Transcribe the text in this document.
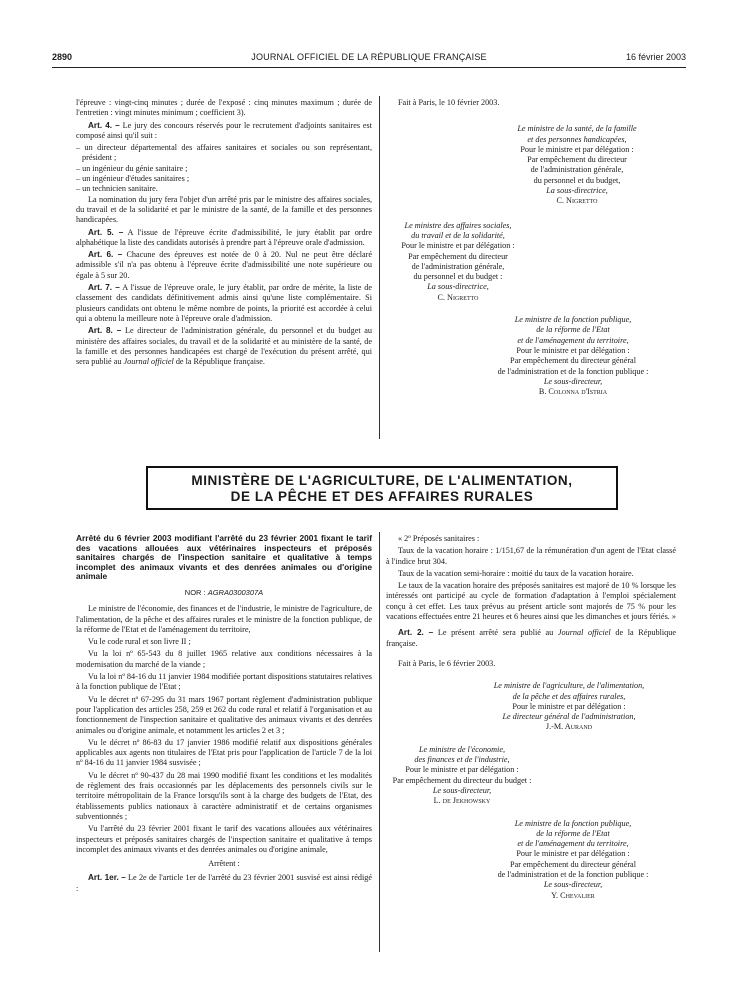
2890	JOURNAL OFFICIEL DE LA RÉPUBLIQUE FRANÇAISE	16 février 2003

l'épreuve : vingt-cinq minutes ; durée de l'exposé : cinq minutes maximum ; durée de l'entretien : vingt minutes minimum ; coefficient 3).

Art. 4. – Le jury des concours réservés pour le recrutement d'adjoints sanitaires est composé ainsi qu'il suit :

– un directeur départemental des affaires sanitaires et sociales ou son représentant, président ;

– un ingénieur du génie sanitaire ;

– un ingénieur d'études sanitaires ;

– un technicien sanitaire.

La nomination du jury fera l'objet d'un arrêté pris par le ministre des affaires sociales, du travail et de la solidarité et par le ministre de la santé, de la famille et des personnes handicapées.

Art. 5. – A l'issue de l'épreuve écrite d'admissibilité, le jury établit par ordre alphabétique la liste des candidats autorisés à prendre part à l'épreuve orale d'admission.

Art. 6. – Chacune des épreuves est notée de 0 à 20. Nul ne peut être déclaré admissible s'il n'a pas obtenu à l'épreuve écrite d'admissibilité une note supérieure ou égale à 5 sur 20.

Art. 7. – A l'issue de l'épreuve orale, le jury établit, par ordre de mérite, la liste de classement des candidats définitivement admis ainsi qu'une liste complémentaire. Si plusieurs candidats ont obtenu le même nombre de points, la priorité est accordée à celui qui a obtenu la meilleure note à l'épreuve orale d'admission.

Art. 8. – Le directeur de l'administration générale, du personnel et du budget au ministère des affaires sociales, du travail et de la solidarité et au ministère de la santé, de la famille et des personnes handicapées est chargé de l'exécution du présent arrêté, qui sera publié au Journal officiel de la République française.

Fait à Paris, le 10 février 2003.

Le ministre de la santé, de la famille

et des personnes handicapées,

Pour le ministre et par délégation :

Par empêchement du directeur

de l'administration générale,

du personnel et du budget,

La sous-directrice,

C. Nigretto

Le ministre des affaires sociales,

du travail et de la solidarité,

Pour le ministre et par délégation :

Par empêchement du directeur

de l'administration générale,

du personnel et du budget :

La sous-directrice,

C. Nigretto

Le ministre de la fonction publique,

de la réforme de l'Etat

et de l'aménagement du territoire,

Pour le ministre et par délégation :

Par empêchement du directeur général

de l'administration et de la fonction publique :

Le sous-directeur,

B. Colonna d'Istria

MINISTÈRE DE L'AGRICULTURE, DE L'ALIMENTATION,
DE LA PÊCHE ET DES AFFAIRES RURALES

Arrêté du 6 février 2003 modifiant l'arrêté du 23 février 2001 fixant le tarif des vacations allouées aux vétérinaires inspecteurs et préposés sanitaires chargés de l'inspection sanitaire et qualitative à temps incomplet des animaux vivants et des denrées animales ou d'origine animale

NOR : AGRA0300307A

Le ministre de l'économie, des finances et de l'industrie, le ministre de l'agriculture, de l'alimentation, de la pêche et des affaires rurales et le ministre de la fonction publique, de la réforme de l'Etat et de l'aménagement du territoire,

Vu le code rural et son livre II ;

Vu la loi nº 65-543 du 8 juillet 1965 relative aux conditions nécessaires à la modernisation du marché de la viande ;

Vu la loi nº 84-16 du 11 janvier 1984 modifiée portant dispositions statutaires relatives à la fonction publique de l'Etat ;

Vu le décret nº 67-295 du 31 mars 1967 portant règlement d'administration publique pour l'application des articles 258, 259 et 262 du code rural et relatif à l'organisation et au fonctionnement de l'inspection sanitaire et qualitative des animaux vivants et des denrées animales ou d'origine animale, et notamment les articles 2 et 3 ;

Vu le décret nº 86-83 du 17 janvier 1986 modifié relatif aux dispositions générales applicables aux agents non titulaires de l'Etat pris pour l'application de l'article 7 de la loi nº 84-16 du 11 janvier 1984 susvisée ;

Vu le décret nº 90-437 du 28 mai 1990 modifié fixant les conditions et les modalités de règlement des frais occasionnés par les déplacements des personnels civils sur le territoire métropolitain de la France lorsqu'ils sont à la charge des budgets de l'Etat, des établissements publics nationaux à caractère administratif et de certains organismes subventionnés ;

Vu l'arrêté du 23 février 2001 fixant le tarif des vacations allouées aux vétérinaires inspecteurs et préposés sanitaires chargés de l'inspection sanitaire et qualitative à temps incomplet des animaux vivants et des denrées animales ou d'origine animale,

Arrêtent :

Art. 1er. – Le 2e de l'article 1er de l'arrêté du 23 février 2001 susvisé est ainsi rédigé :

« 2º Préposés sanitaires :

Taux de la vacation horaire : 1/151,67 de la rémunération d'un agent de l'Etat classé à l'indice brut 304.

Taux de la vacation semi-horaire : moitié du taux de la vacation horaire.

Le taux de la vacation horaire des préposés sanitaires est majoré de 10 % lorsque les intéressés ont participé au cycle de formation d'adaptation à l'emploi spécialement conçu à cet effet. Les taux prévus au présent article sont majorés de 75 % pour les vacations effectuées entre 21 heures et 6 heures ainsi que les dimanches et jours fériés. »

Art. 2. – Le présent arrêté sera publié au Journal officiel de la République française.

Fait à Paris, le 6 février 2003.

Le ministre de l'agriculture, de l'alimentation,

de la pêche et des affaires rurales,

Pour le ministre et par délégation :

Le directeur général de l'administration,

J.-M. Aurand

Le ministre de l'économie,

des finances et de l'industrie,

Pour le ministre et par délégation :

Par empêchement du directeur du budget :

Le sous-directeur,

L. de Jekhowsky

Le ministre de la fonction publique,

de la réforme de l'Etat

et de l'aménagement du territoire,

Pour le ministre et par délégation :

Par empêchement du directeur général

de l'administration et de la fonction publique :

Le sous-directeur,

Y. Chevalier
